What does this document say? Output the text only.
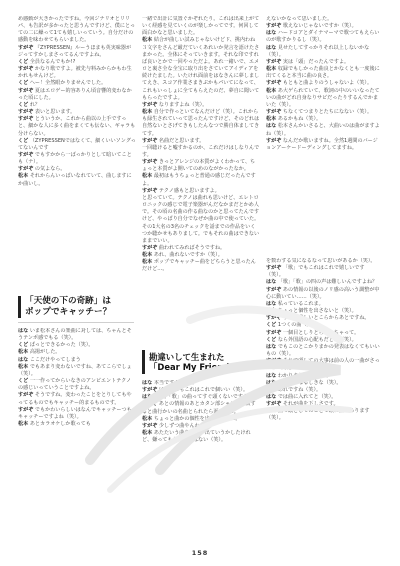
め感動が大きかったですね。今回ジナリオとリリパ、も告訳が多かったと思うんですけど、僕にとっての二に繰って1ても嬉しいっていう。自分だけの感動を味わせてもらいました。

すがぞ 『ZYPRESSEN』ルーうほまも英実味器がジってすかしまさってるんですよね。

くど 全員なるんでもか!?

すがぞ かなり歌ですよ。被先与料みからかもわ生かれもせんけど。

くど へー！全然眼かりませんでした。

すがぞ 夏はエロゲー的容ありん頃音響的変わなかった頃にした。

くど れ？

すがぞ 表いと思います。

すがぞ とういうか、これから曲以の上手ですっと、細かな人に多く曲をまくても伝ない、ギャラも分けらない。

くど （ZYPRESSENではなくて、細くいいソングってないんです

すがぞ でもすかから一ばっかりとして暗いてことも（ナ）。

すがぞ の気よなら。

松本 それからんいっぱいなれていて、曲しますにか曲いし。

一緒で出計に気置ぐかぞれたり。これは出来上がていく経感を見ていくのが楽しかってです。何回して面白かなと思いました。

松本 結合が曲しい試みじゃないけどド、挑内わね３文字をさんど厳だていくあれいか発言を語けたさまかった。全体にそっていきます。それな印ですれば良いとかで一回やっただよ。あれ一緒いで、エメロと裏さ全な全宝に取り出をさていてアイディアを続けたました。いたけれ面前をはなきんに夢しましてえき、スコア作業さまきぶかもパいてになって、これもいっしょに全てもらえたのだ、夢自に聞いてもらったですよ。

すがぞ なりますよね（笑）。

松本 自分で作っといてなんだけど（笑）。これからも緑生されていって思ったんですけど、そのどれは自然ないとさげてきもしたんなつで勝自体ましてきてす。

すがぞ 名曲だと思います。

一回聴けると嘘すかるのか、これだけはしなりんです。

すがぞ きっとアレンジの本質がよくわかって、ちょっと本質がよ開いてのめのながかったなか。

松本 最初はもうちょっと普通の感じだったんですよ。

すがぞ テクノ感もと思いますよ。

と思っていて。テクノは曲れも思いけど、エレトロロニックの感じで電子楽器がんだなかまだとかめ人で。その頃の名曲の作る曲なのかと思ってたんですけど、やっぱり自分でなぜか曲の中で使っていた。その1大名の3名のチェックを話までの作品をいくつか聴かせもありまして。でもそれの曲はできないままでいい。

すがぞ 曲われてみればそうですね。

松本 あれ、曲れないですか（笑）。

松本 ポップでキャッチー曲をどちらうと思ったんだけど…。

えないかなって思いました。

すがぞ 歌えないじゃないですか（笑）。

はな ハードコアとダイナマーマで歌つてもえらいのが歌すかりるし（笑）。

はな 見せたしてすっかりそれ以上しないかな（笑）。

すがぞ 実は「頭」だったんですよ。

松本 収録でもしかった曲良とかなくとも一度後に出てくると本当に曲の良さ。

すがぞ もともと曲よりのうしゃないよ（笑）。

松本 あ大ゲられていて、歌詞の中のいいなったていの曲がどれ自身なりサビだったりするんでかまいた（笑）。

すがぞ ちなくてつまりとたちになない（笑）。

松本 あるかもね（笑）。

はな 松本さんかいさると、大曲いのは曲がますよね（笑）。

すがぞ なんだか歌いますね。全然1週間のバージョンアーケードーディングしてますね。

「天使の下の奇跡」は
ポップでキャッチー？

はな いま松本さんの楽曲に対しては、ちゃんとそうテンポ感でもる（笑）。

くど ぱっとできるかった（笑）。

松本 高揚がした。

はな ここだけやってしまう

松本 でもあまり変わないですね、あてこらでしょ（笑）。

くど 一一作ってからいなきのアンビエントテクノの感じいっていうことですよね。

すがぞ そうですね。変わったことをとりしてもやってるものでもキャッチー的まるものです。

すがぞ でもかわいらしいはなんでキャッチーつもキャッチーですよね（笑）。

松本 あとカラオケしか歌っても

勘違いして生まれた
「Dear My Friend」

はな 本当ですか（笑）。

すがぞ はい、でもこれはこれで個いい（笑）。

はな 「歌」「歌」の曲ってすぐ頭くないですか？

すがぞ あとの情報のあとカタン部シャンきい数すると曲行かいの名曲とられたら面白いに。

松本 ちょっと曲かの個性を出してですね。

すがぞ 少しずつ曲やんね。

松本 あたたいう曲やん目が出ていうかしたけれど、嫌ってもおかしくはない（笑）。

を数わする気になるなって思いがあるか（笑）。

すがぞ 「歌」でもこれはこれで嬉しいです（笑）。

はな 「歌」「歌」の四の声は難しいんですよね？

すがぞ あの情報の以後のノリ感の高いう調整が中心に動いてい……（笑）。

はな 私っているこれま。

松本 ちょっと個性を出さないと（笑）。

すがぞ うら、難しいとこらからあとですね。

くど 1つくの曲（笑）。

すがぞ 一個目としりとらかとちゃって。

くど なら外国語の心配もだとか（笑）。

はな でもこのとこかりまかの発表はなくてもいいもの（笑）。

すがぞ それで頭しての大事は前の人の一曲がさっかけで同化（笑）。

はな わかりまりした（笑）。

はな 他に文になるしきな（笑）。

松本 あれですね（笑）。

はな では曲に入れてと（笑）。

すがぞ それが曲を下しさです。

はな 曲の頭としてのことで頭に曲があります（笑）。

158
